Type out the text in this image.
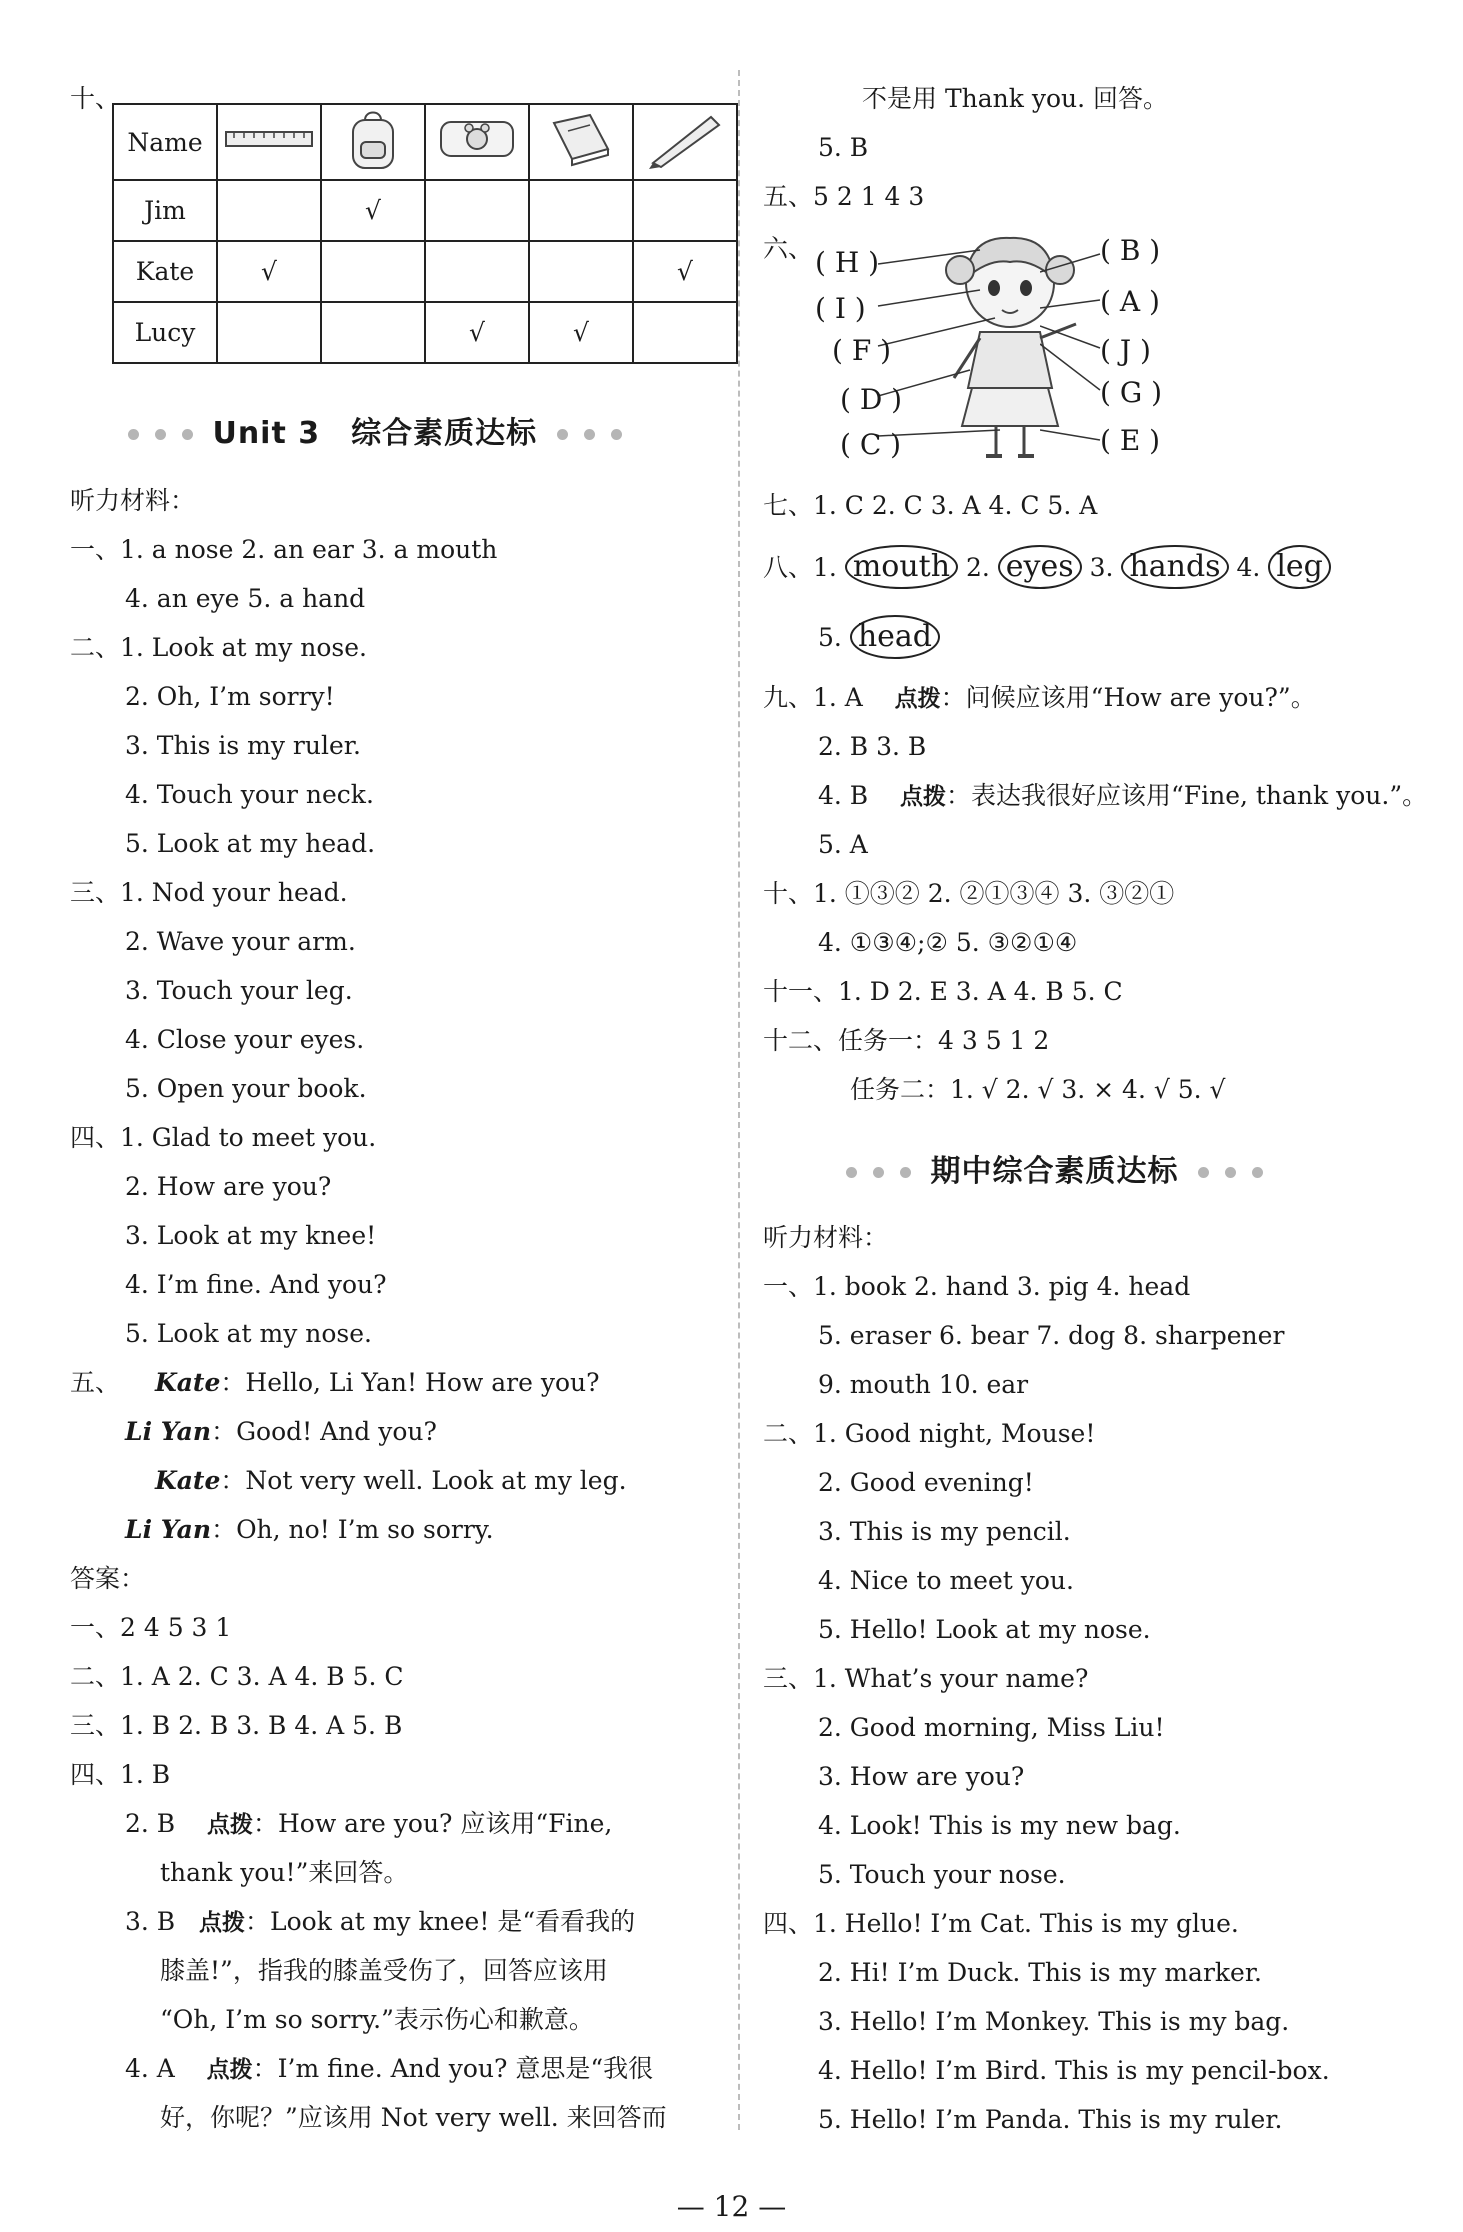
十、
Name					
Jim		√			
Kate	√				√
Lucy			√	√	
Unit 3　综合素质达标
听力材料：
一、1. a nose 2. an ear 3. a mouth
4. an eye 5. a hand
二、1. Look at my nose.
2. Oh, I’m sorry!
3. This is my ruler.
4. Touch your neck.
5. Look at my head.
三、1. Nod your head.
2. Wave your arm.
3. Touch your leg.
4. Close your eyes.
5. Open your book.
四、1. Glad to meet you.
2. How are you?
3. Look at my knee!
4. I’m fine. And you?
5. Look at my nose.
五、 Kate：Hello, Li Yan! How are you?
Li Yan：Good! And you?
Kate：Not very well. Look at my leg.
Li Yan：Oh, no! I’m so sorry.
答案：
一、2 4 5 3 1
二、1. A 2. C 3. A 4. B 5. C
三、1. B 2. B 3. B 4. A 5. B
四、1. B
2. B 点拨：How are you? 应该用“Fine,
thank you!”来回答。
3. B 点拨：Look at my knee! 是“看看我的
膝盖!”，指我的膝盖受伤了，回答应该用
“Oh, I’m so sorry.”表示伤心和歉意。
4. A 点拨：I’m fine. And you? 意思是“我很
好，你呢？”应该用 Not very well. 来回答而
不是用 Thank you. 回答。
5. B
五、5 2 1 4 3
六、 ( H )
( I )
( F )
( D )
( C )
( B )
( A )
( J )
( G )
( E )
七、1. C 2. C 3. A 4. C 5. A
八、1. mouth 2. eyes 3. hands 4. leg
5. head
九、1. A 点拨：问候应该用“How are you?”。
2. B 3. B
4. B 点拨：表达我很好应该用“Fine, thank you.”。
5. A
十、1. ①③② 2. ②①③④ 3. ③②①
4. ①③④;② 5. ③②①④
十一、1. D 2. E 3. A 4. B 5. C
十二、任务一：4 3 5 1 2
任务二：1. √ 2. √ 3. × 4. √ 5. √
期中综合素质达标
听力材料：
一、1. book 2. hand 3. pig 4. head
5. eraser 6. bear 7. dog 8. sharpener
9. mouth 10. ear
二、1. Good night, Mouse!
2. Good evening!
3. This is my pencil.
4. Nice to meet you.
5. Hello! Look at my nose.
三、1. What’s your name?
2. Good morning, Miss Liu!
3. How are you?
4. Look! This is my new bag.
5. Touch your nose.
四、1. Hello! I’m Cat. This is my glue.
2. Hi! I’m Duck. This is my marker.
3. Hello! I’m Monkey. This is my bag.
4. Hello! I’m Bird. This is my pencil-box.
5. Hello! I’m Panda. This is my ruler.
— 12 —
